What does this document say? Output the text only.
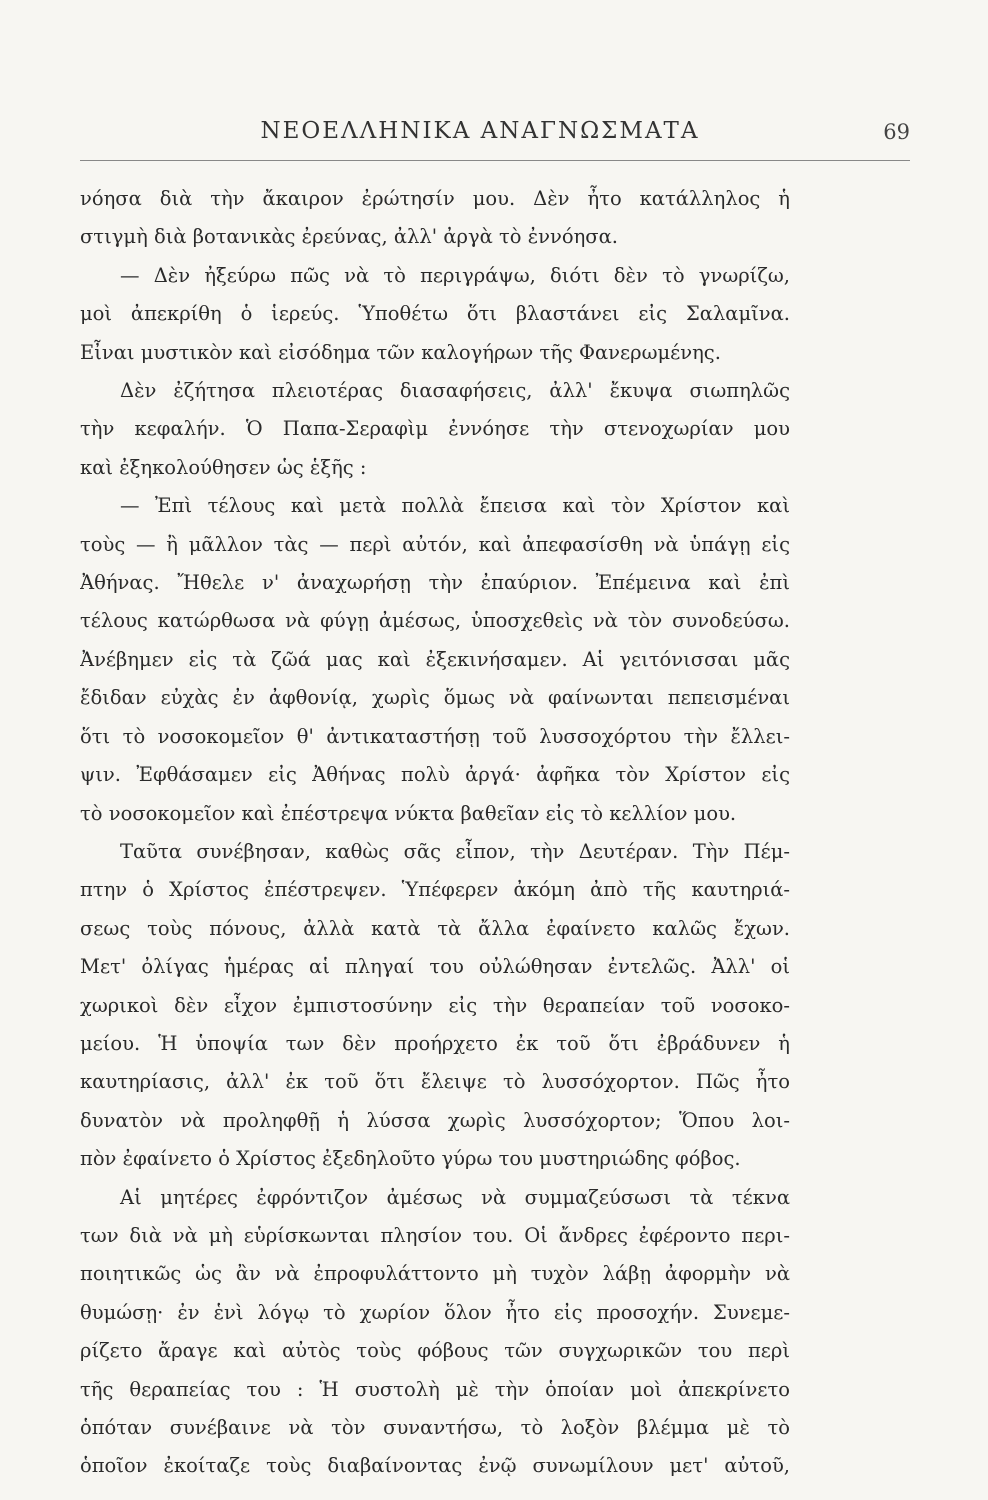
ΝΕΟΕΛΛΗΝΙΚΑ ΑΝΑΓΝΩΣΜΑΤΑ	69
νόησα διὰ τὴν ἄκαιρον ἐρώτησίν μου. Δὲν ἦτο κατάλληλος ἡ
στιγμὴ διὰ βοτανικὰς ἐρεύνας, ἀλλ' ἀργὰ τὸ ἐννόησα.
— Δὲν ἠξεύρω πῶς νὰ τὸ περιγράψω, διότι δὲν τὸ γνωρίζω,
μοὶ ἀπεκρίθη ὁ ἱερεύς. Ὑποθέτω ὅτι βλαστάνει εἰς Σαλαμῖνα.
Εἶναι μυστικὸν καὶ εἰσόδημα τῶν καλογήρων τῆς Φανερωμένης.
Δὲν ἐζήτησα πλειοτέρας διασαφήσεις, ἀλλ' ἔκυψα σιωπηλῶς
τὴν κεφαλήν. Ὁ Παπα-Σεραφὶμ ἐννόησε τὴν στενοχωρίαν μου
καὶ ἐξηκολούθησεν ὡς ἑξῆς :
— Ἐπὶ τέλους καὶ μετὰ πολλὰ ἔπεισα καὶ τὸν Χρίστον καὶ
τοὺς — ἢ μᾶλλον τὰς — περὶ αὐτόν, καὶ ἀπεφασίσθη νὰ ὑπάγῃ εἰς
Ἀθήνας. Ἤθελε ν' ἀναχωρήσῃ τὴν ἐπαύριον. Ἐπέμεινα καὶ ἐπὶ
τέλους κατώρθωσα νὰ φύγῃ ἀμέσως, ὑποσχεθεὶς νὰ τὸν συνοδεύσω.
Ἀνέβημεν εἰς τὰ ζῶά μας καὶ ἐξεκινήσαμεν. Αἱ γειτόνισσαι μᾶς
ἔδιδαν εὐχὰς ἐν ἀφθονίᾳ, χωρὶς ὅμως νὰ φαίνωνται πεπεισμέναι
ὅτι τὸ νοσοκομεῖον θ' ἀντικαταστήσῃ τοῦ λυσσοχόρτου τὴν ἔλλει-
ψιν. Ἐφθάσαμεν εἰς Ἀθήνας πολὺ ἀργά· ἀφῆκα τὸν Χρίστον εἰς
τὸ νοσοκομεῖον καὶ ἐπέστρεψα νύκτα βαθεῖαν εἰς τὸ κελλίον μου.
Ταῦτα συνέβησαν, καθὼς σᾶς εἶπον, τὴν Δευτέραν. Τὴν Πέμ-
πτην ὁ Χρίστος ἐπέστρεψεν. Ὑπέφερεν ἀκόμη ἀπὸ τῆς καυτηριά-
σεως τοὺς πόνους, ἀλλὰ κατὰ τὰ ἄλλα ἐφαίνετο καλῶς ἔχων.
Μετ' ὀλίγας ἡμέρας αἱ πληγαί του οὐλώθησαν ἐντελῶς. Ἀλλ' οἱ
χωρικοὶ δὲν εἶχον ἐμπιστοσύνην εἰς τὴν θεραπείαν τοῦ νοσοκο-
μείου. Ἡ ὑποψία των δὲν προήρχετο ἐκ τοῦ ὅτι ἐβράδυνεν ἡ
καυτηρίασις, ἀλλ' ἐκ τοῦ ὅτι ἔλειψε τὸ λυσσόχορτον. Πῶς ἦτο
δυνατὸν νὰ προληφθῇ ἡ λύσσα χωρὶς λυσσόχορτον; Ὅπου λοι-
πὸν ἐφαίνετο ὁ Χρίστος ἐξεδηλοῦτο γύρω του μυστηριώδης φόβος.
Αἱ μητέρες ἐφρόντιζον ἀμέσως νὰ συμμαζεύσωσι τὰ τέκνα
των διὰ νὰ μὴ εὑρίσκωνται πλησίον του. Οἱ ἄνδρες ἐφέροντο περι-
ποιητικῶς ὡς ἂν νὰ ἐπροφυλάττοντο μὴ τυχὸν λάβῃ ἀφορμὴν νὰ
θυμώσῃ· ἐν ἑνὶ λόγῳ τὸ χωρίον ὅλον ἦτο εἰς προσοχήν. Συνεμε-
ρίζετο ἄραγε καὶ αὐτὸς τοὺς φόβους τῶν συγχωρικῶν του περὶ
τῆς θεραπείας του : Ἡ συστολὴ μὲ τὴν ὁποίαν μοὶ ἀπεκρίνετο
ὁπόταν συνέβαινε νὰ τὸν συναντήσω, τὸ λοξὸν βλέμμα μὲ τὸ
ὁποῖον ἐκοίταζε τοὺς διαβαίνοντας ἐνῷ συνωμίλουν μετ' αὐτοῦ,
